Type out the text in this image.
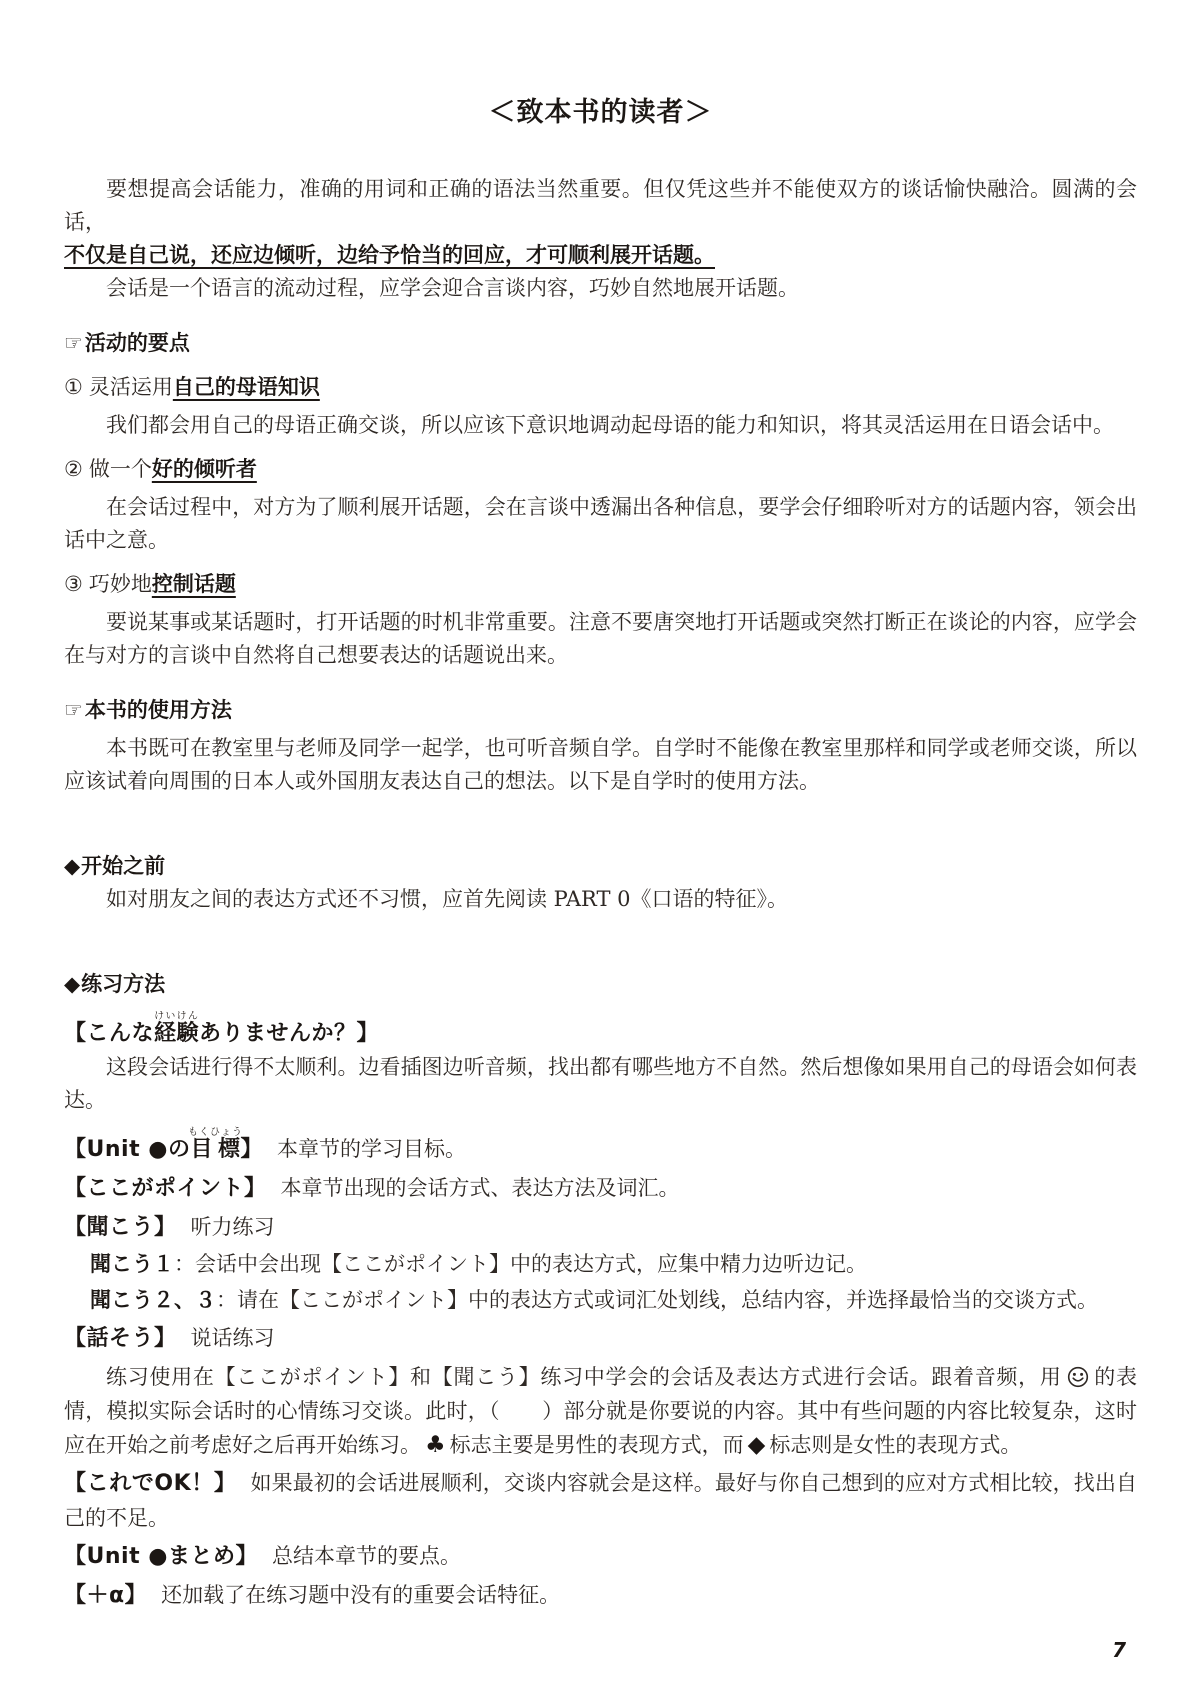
＜致本书的读者＞

要想提高会话能力，准确的用词和正确的语法当然重要。但仅凭这些并不能使双方的谈话愉快融洽。圆满的会话，

不仅是自己说，还应边倾听，边给予恰当的回应，才可顺利展开话题。

会话是一个语言的流动过程，应学会迎合言谈内容，巧妙自然地展开话题。

☞活动的要点
① 灵活运用自己的母语知识

我们都会用自己的母语正确交谈，所以应该下意识地调动起母语的能力和知识，将其灵活运用在日语会话中。

② 做一个好的倾听者

在会话过程中，对方为了顺利展开话题，会在言谈中透漏出各种信息，要学会仔细聆听对方的话题内容，领会出话中之意。

③ 巧妙地控制话题

要说某事或某话题时，打开话题的时机非常重要。注意不要唐突地打开话题或突然打断正在谈论的内容，应学会在与对方的言谈中自然将自己想要表达的话题说出来。

☞本书的使用方法

本书既可在教室里与老师及同学一起学，也可听音频自学。自学时不能像在教室里那样和同学或老师交谈，所以应该试着向周围的日本人或外国朋友表达自己的想法。以下是自学时的使用方法。

◆开始之前

如对朋友之间的表达方式还不习惯，应首先阅读 PART 0《口语的特征》。

◆练习方法
【こんな経験けいけんありませんか？】

这段会话进行得不太顺利。边看插图边听音频，找出都有哪些地方不自然。然后想像如果用自己的母语会如何表达。

【Unit ●の目標もくひょう】 本章节的学习目标。
【ここがポイント】 本章节出现的会话方式、表达方法及词汇。
【聞こう】 听力练习
聞こう１：会话中会出现【ここがポイント】中的表达方式，应集中精力边听边记。
聞こう２、３：请在【ここがポイント】中的表达方式或词汇处划线，总结内容，并选择最恰当的交谈方式。
【話そう】 说话练习

练习使用在【ここがポイント】和【聞こう】练习中学会的会话及表达方式进行会话。跟着音频，用 的表情，模拟实际会话时的心情练习交谈。此时，（　　）部分就是你要说的内容。其中有些问题的内容比较复杂，这时应在开始之前考虑好之后再开始练习。 ♣ 标志主要是男性的表现方式，而 ◆ 标志则是女性的表现方式。

【これでOK！】 如果最初的会话进展顺利，交谈内容就会是这样。最好与你自己想到的应对方式相比较，找出自己的不足。
【Unit ●まとめ】 总结本章节的要点。
【＋α】 还加载了在练习题中没有的重要会话特征。
7
